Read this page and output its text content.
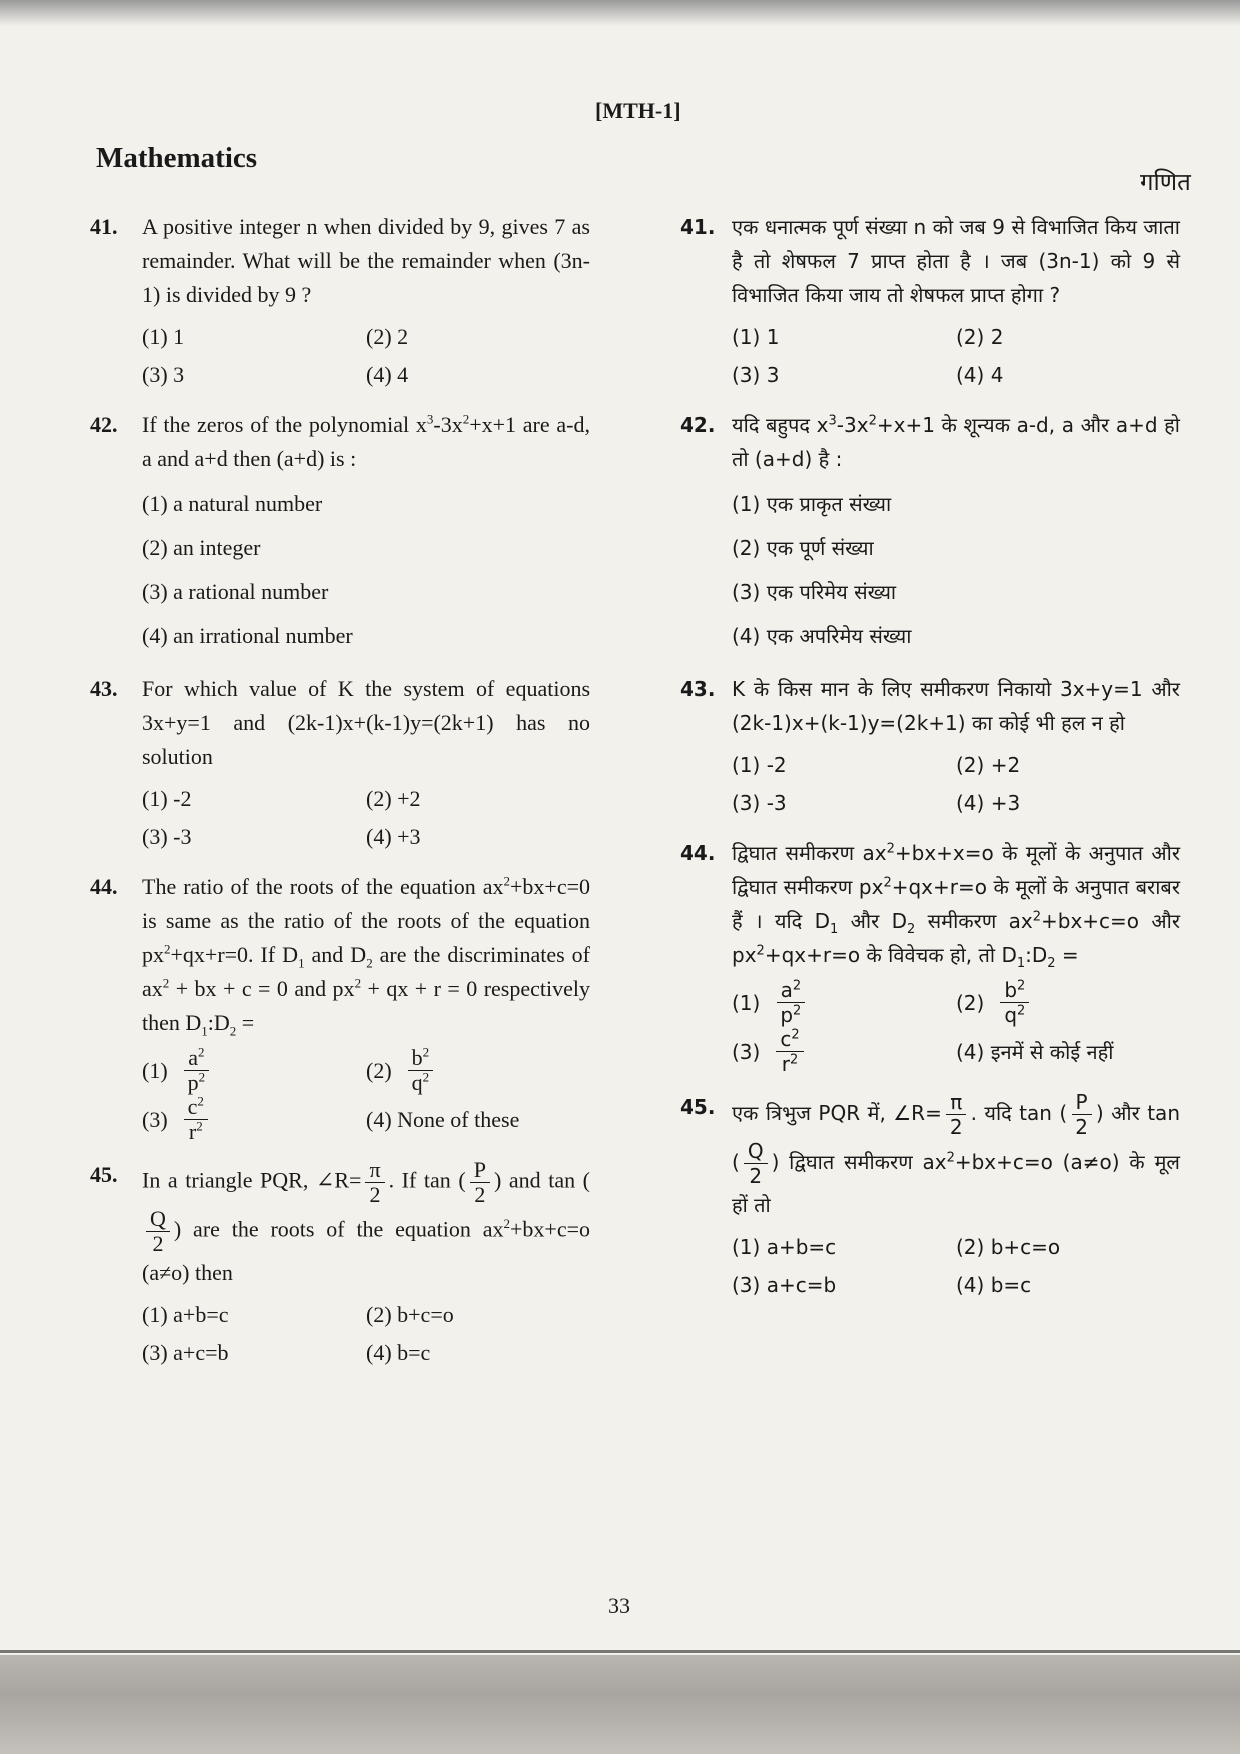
[MTH-1]
Mathematics
गणित
41. A positive integer n when divided by 9, gives 7 as remainder. What will be the remainder when (3n-1) is divided by 9 ?
(1) 1	(2) 2
(3) 3	(4) 4
42. If the zeros of the polynomial $x^3-3x^2+x+1$ are a-d, a and a+d then (a+d) is :
(1) a natural number
(2) an integer
(3) a rational number
(4) an irrational number
43. For which value of K the system of equations 3x+y=1 and (2k-1)x+(k-1)y=(2k+1) has no solution
(1) -2	(2) +2
(3) -3	(4) +3
44. The ratio of the roots of the equation $ax^2+bx+c=0$ is same as the ratio of the roots of the equation $px^2+qx+r=0$. If $D_1$ and $D_2$ are the discriminates of $ax^2$ + bx + c = 0 and $px^2$ + qx + r = 0 respectively then $D_1:D_2$ =
$(1) \frac{a^2}{p^2}$	$(2) \frac{b^2}{q^2}$
$(3) \frac{c^2}{r^2}$	(4) None of these
45. In a triangle PQR, ∠R= $\frac{\pi}{2}$ . If tan ( $\frac{P}{2}$ ) and tan (
$\frac{Q}{2}$ ) are the roots of the equation $ax^2+bx+c=o$ (a≠o) then
(1) a+b=c	(2) b+c=o
(3) a+c=b	(4) b=c
41. एक धनात्मक पूर्ण संख्या n को जब 9 से विभाजित किय जाता है तो शेषफल 7 प्राप्त होता है । जब (3n-1) को 9 से विभाजित किया जाय तो शेषफल प्राप्त होगा ?
(1) 1	(2) 2
(3) 3	(4) 4
42. यदि बहुपद $x^3-3x^2+x+1$ के शून्यक a-d, a और a+d हो तो (a+d) है :
(1) एक प्राकृत संख्या
(2) एक पूर्ण संख्या
(3) एक परिमेय संख्या
(4) एक अपरिमेय संख्या
43. K के किस मान के लिए समीकरण निकायो 3x+y=1 और (2k-1)x+(k-1)y=(2k+1) का कोई भी हल न हो
(1) -2	(2) +2
(3) -3	(4) +3
44. द्विघात समीकरण $ax^2+bx+x=o$ के मूलों के अनुपात और द्विघात समीकरण $px^2+qx+r=o$ के मूलों के अनुपात बराबर हैं । यदि $D_1$ और $D_2$ समीकरण $ax^2+bx+c=o$ और $px^2+qx+r=o$ के विवेचक हो, तो $D_1:D_2$ =
$(1) \frac{a^2}{p^2}$	$(2) \frac{b^2}{q^2}$
$(3) \frac{c^2}{r^2}$	(4) इनमें से कोई नहीं
45. एक त्रिभुज PQR में, ∠R= $\frac{\pi}{2}$ . यदि tan ( $\frac{P}{2}$ ) और tan ( $\frac{Q}{2}$ ) द्विघात समीकरण $ax^2+bx+c=o$ (a≠o) के मूल हों तो
(1) a+b=c	(2) b+c=o
(3) a+c=b	(4) b=c
33
